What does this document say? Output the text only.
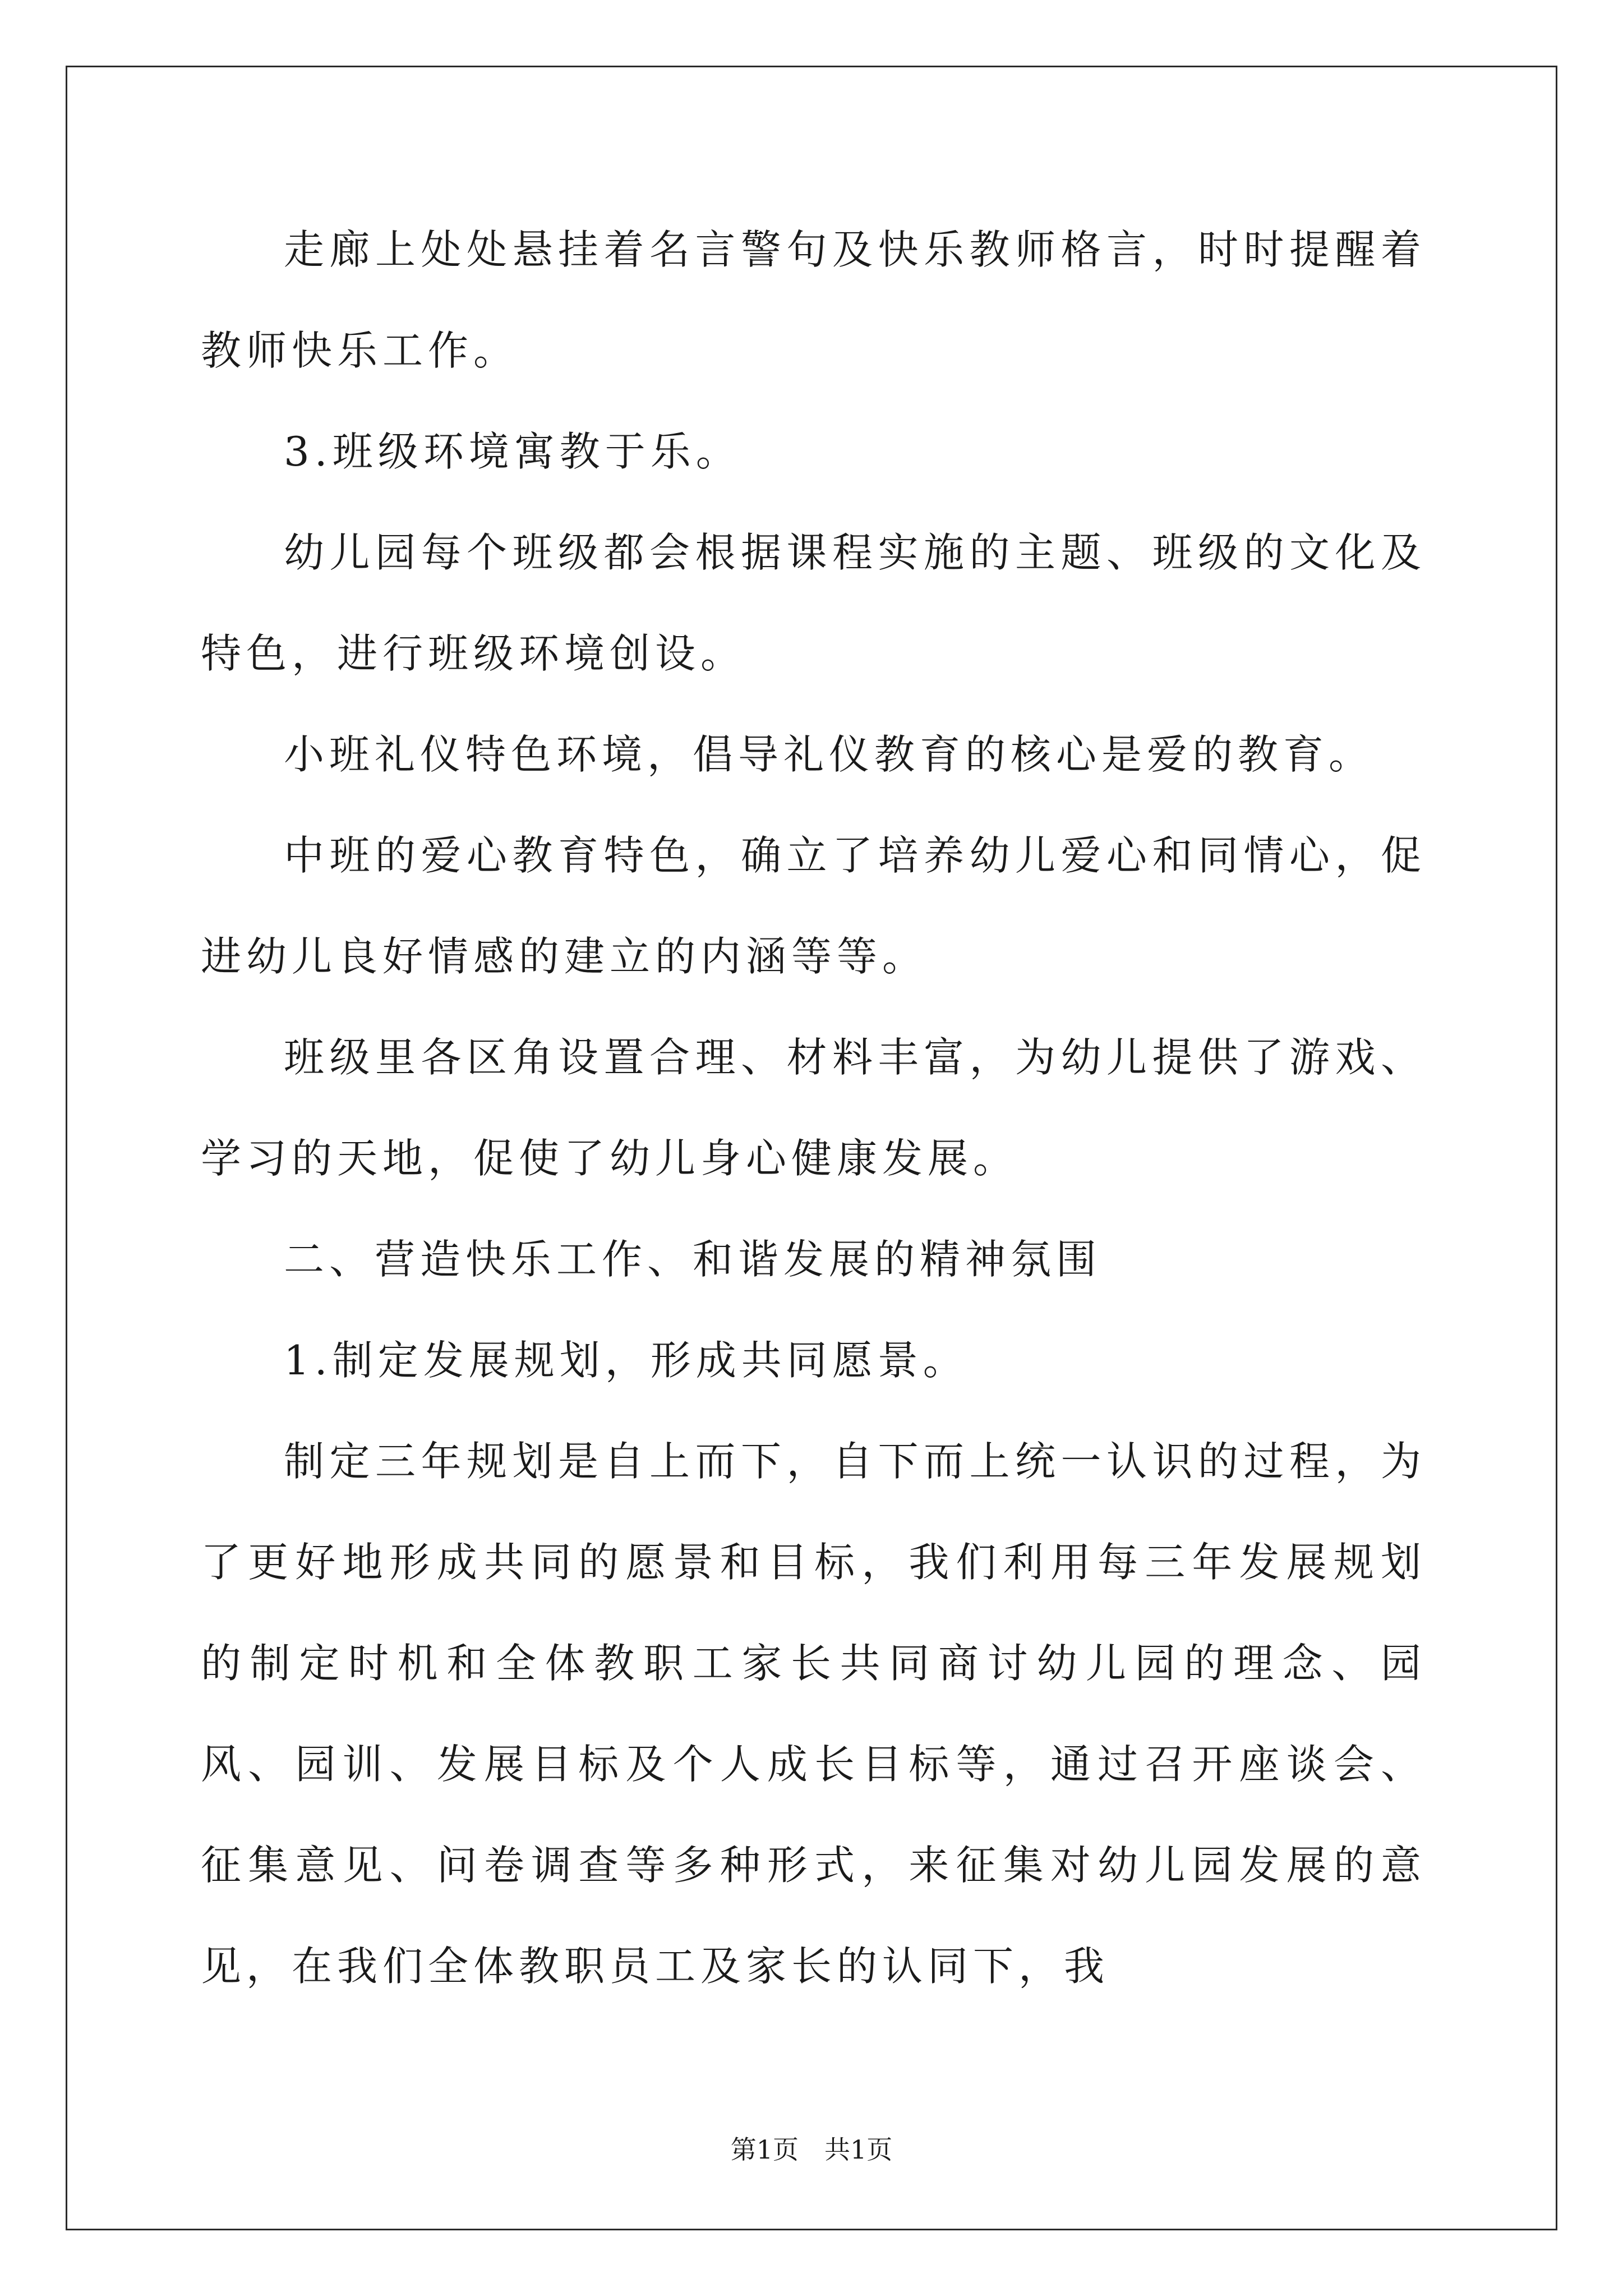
走廊上处处悬挂着名言警句及快乐教师格言，时时提醒着教师快乐工作。

3.班级环境寓教于乐。

幼儿园每个班级都会根据课程实施的主题、班级的文化及特色，进行班级环境创设。

小班礼仪特色环境，倡导礼仪教育的核心是爱的教育。

中班的爱心教育特色，确立了培养幼儿爱心和同情心，促进幼儿良好情感的建立的内涵等等。

班级里各区角设置合理、材料丰富，为幼儿提供了游戏、学习的天地，促使了幼儿身心健康发展。

二、营造快乐工作、和谐发展的精神氛围

1.制定发展规划，形成共同愿景。

制定三年规划是自上而下，自下而上统一认识的过程，为了更好地形成共同的愿景和目标，我们利用每三年发展规划的制定时机和全体教职工家长共同商讨幼儿园的理念、园风、园训、发展目标及个人成长目标等，通过召开座谈会、征集意见、问卷调查等多种形式，来征集对幼儿园发展的意见，在我们全体教职员工及家长的认同下，我

第1页 共1页
